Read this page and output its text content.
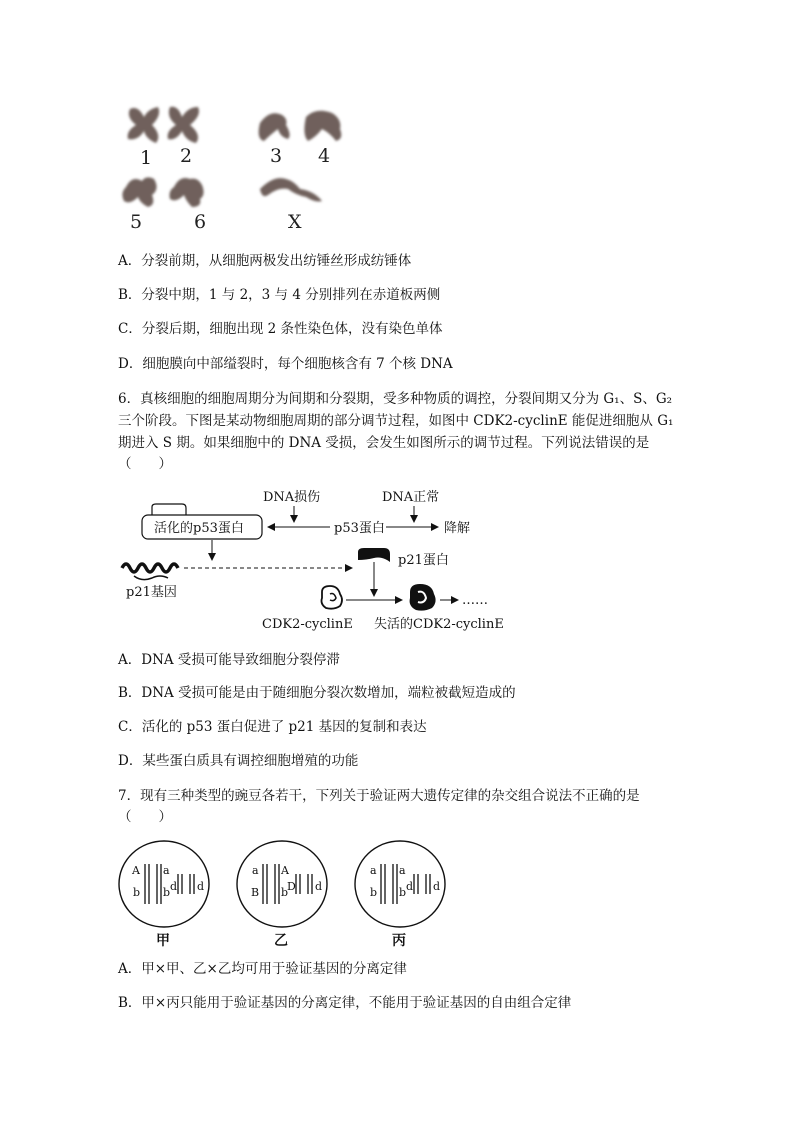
1 2	3 4
5	6	X
A．分裂前期，从细胞两极发出纺锤丝形成纺锤体
B．分裂中期，1 与 2，3 与 4 分别排列在赤道板两侧
C．分裂后期，细胞出现 2 条性染色体，没有染色单体
D．细胞膜向中部缢裂时，每个细胞核含有 7 个核 DNA
6．真核细胞的细胞周期分为间期和分裂期，受多种物质的调控，分裂间期又分为 G₁、S、G₂
三个阶段。下图是某动物细胞周期的部分调节过程，如图中 CDK2-cyclinE 能促进细胞从 G₁
期进入 S 期。如果细胞中的 DNA 受损，会发生如图所示的调节过程。下列说法错误的是
（　　）
活化的p53蛋白
DNA损伤	DNA正常
p53蛋白	降解
p21基因
p21蛋白
……
CDK2-cyclinE 失活的CDK2-cyclinE
A．DNA 受损可能导致细胞分裂停滞
B．DNA 受损可能是由于随细胞分裂次数增加，端粒被截短造成的
C．活化的 p53 蛋白促进了 p21 基因的复制和表达
D．某些蛋白质具有调控细胞增殖的功能
7．现有三种类型的豌豆各若干，下列关于验证两大遗传定律的杂交组合说法不正确的是
（　　）
A
b
a
b d d
a
B
A
b
D d
a
b
a
b d d
甲	乙	丙
A．甲×甲、乙×乙均可用于验证基因的分离定律
B．甲×丙只能用于验证基因的分离定律，不能用于验证基因的自由组合定律
